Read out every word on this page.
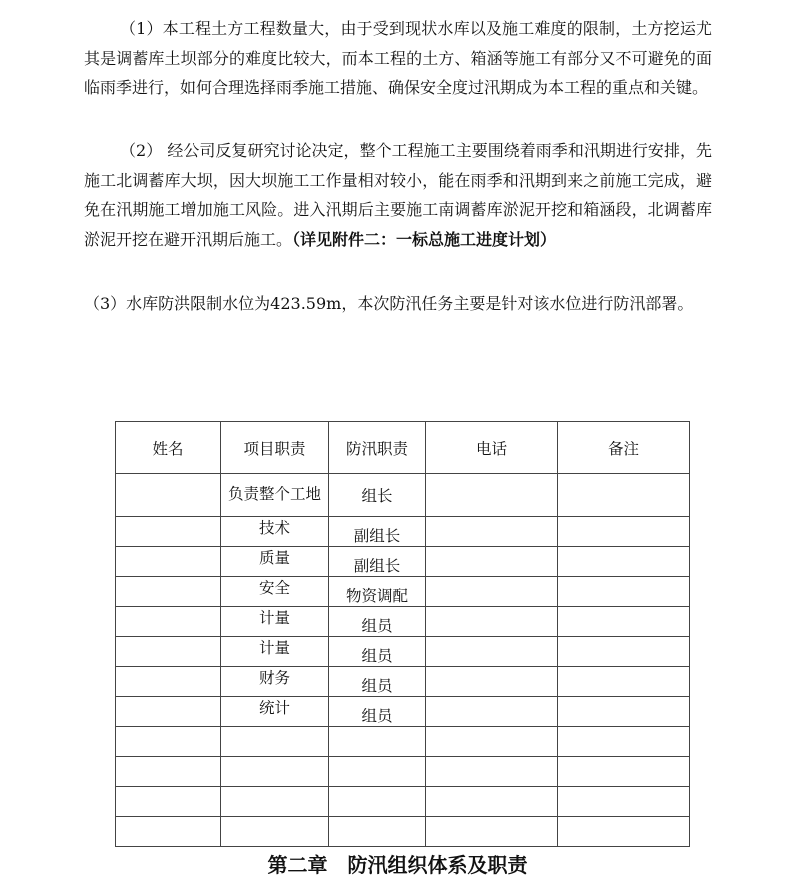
（1）本工程土方工程数量大，由于受到现状水库以及施工难度的限制，土方挖运尤其是调蓄库土坝部分的难度比较大，而本工程的土方、箱涵等施工有部分又不可避免的面临雨季进行，如何合理选择雨季施工措施、确保安全度过汛期成为本工程的重点和关键。

（2） 经公司反复研究讨论决定，整个工程施工主要围绕着雨季和汛期进行安排，先施工北调蓄库大坝，因大坝施工工作量相对较小，能在雨季和汛期到来之前施工完成，避免在汛期施工增加施工风险。进入汛期后主要施工南调蓄库淤泥开挖和箱涵段，北调蓄库淤泥开挖在避开汛期后施工。（详见附件二：一标总施工进度计划）

（3）水库防洪限制水位为423.59m，本次防汛任务主要是针对该水位进行防汛部署。

姓名	项目职责	防汛职责	电话	备注

	负责整个工地	组长		

	技术	副组长		

	质量	副组长		

	安全	物资调配		

	计量	组员		

	计量	组员		

	财务	组员		

	统计	组员		

第二章 防汛组织体系及职责
